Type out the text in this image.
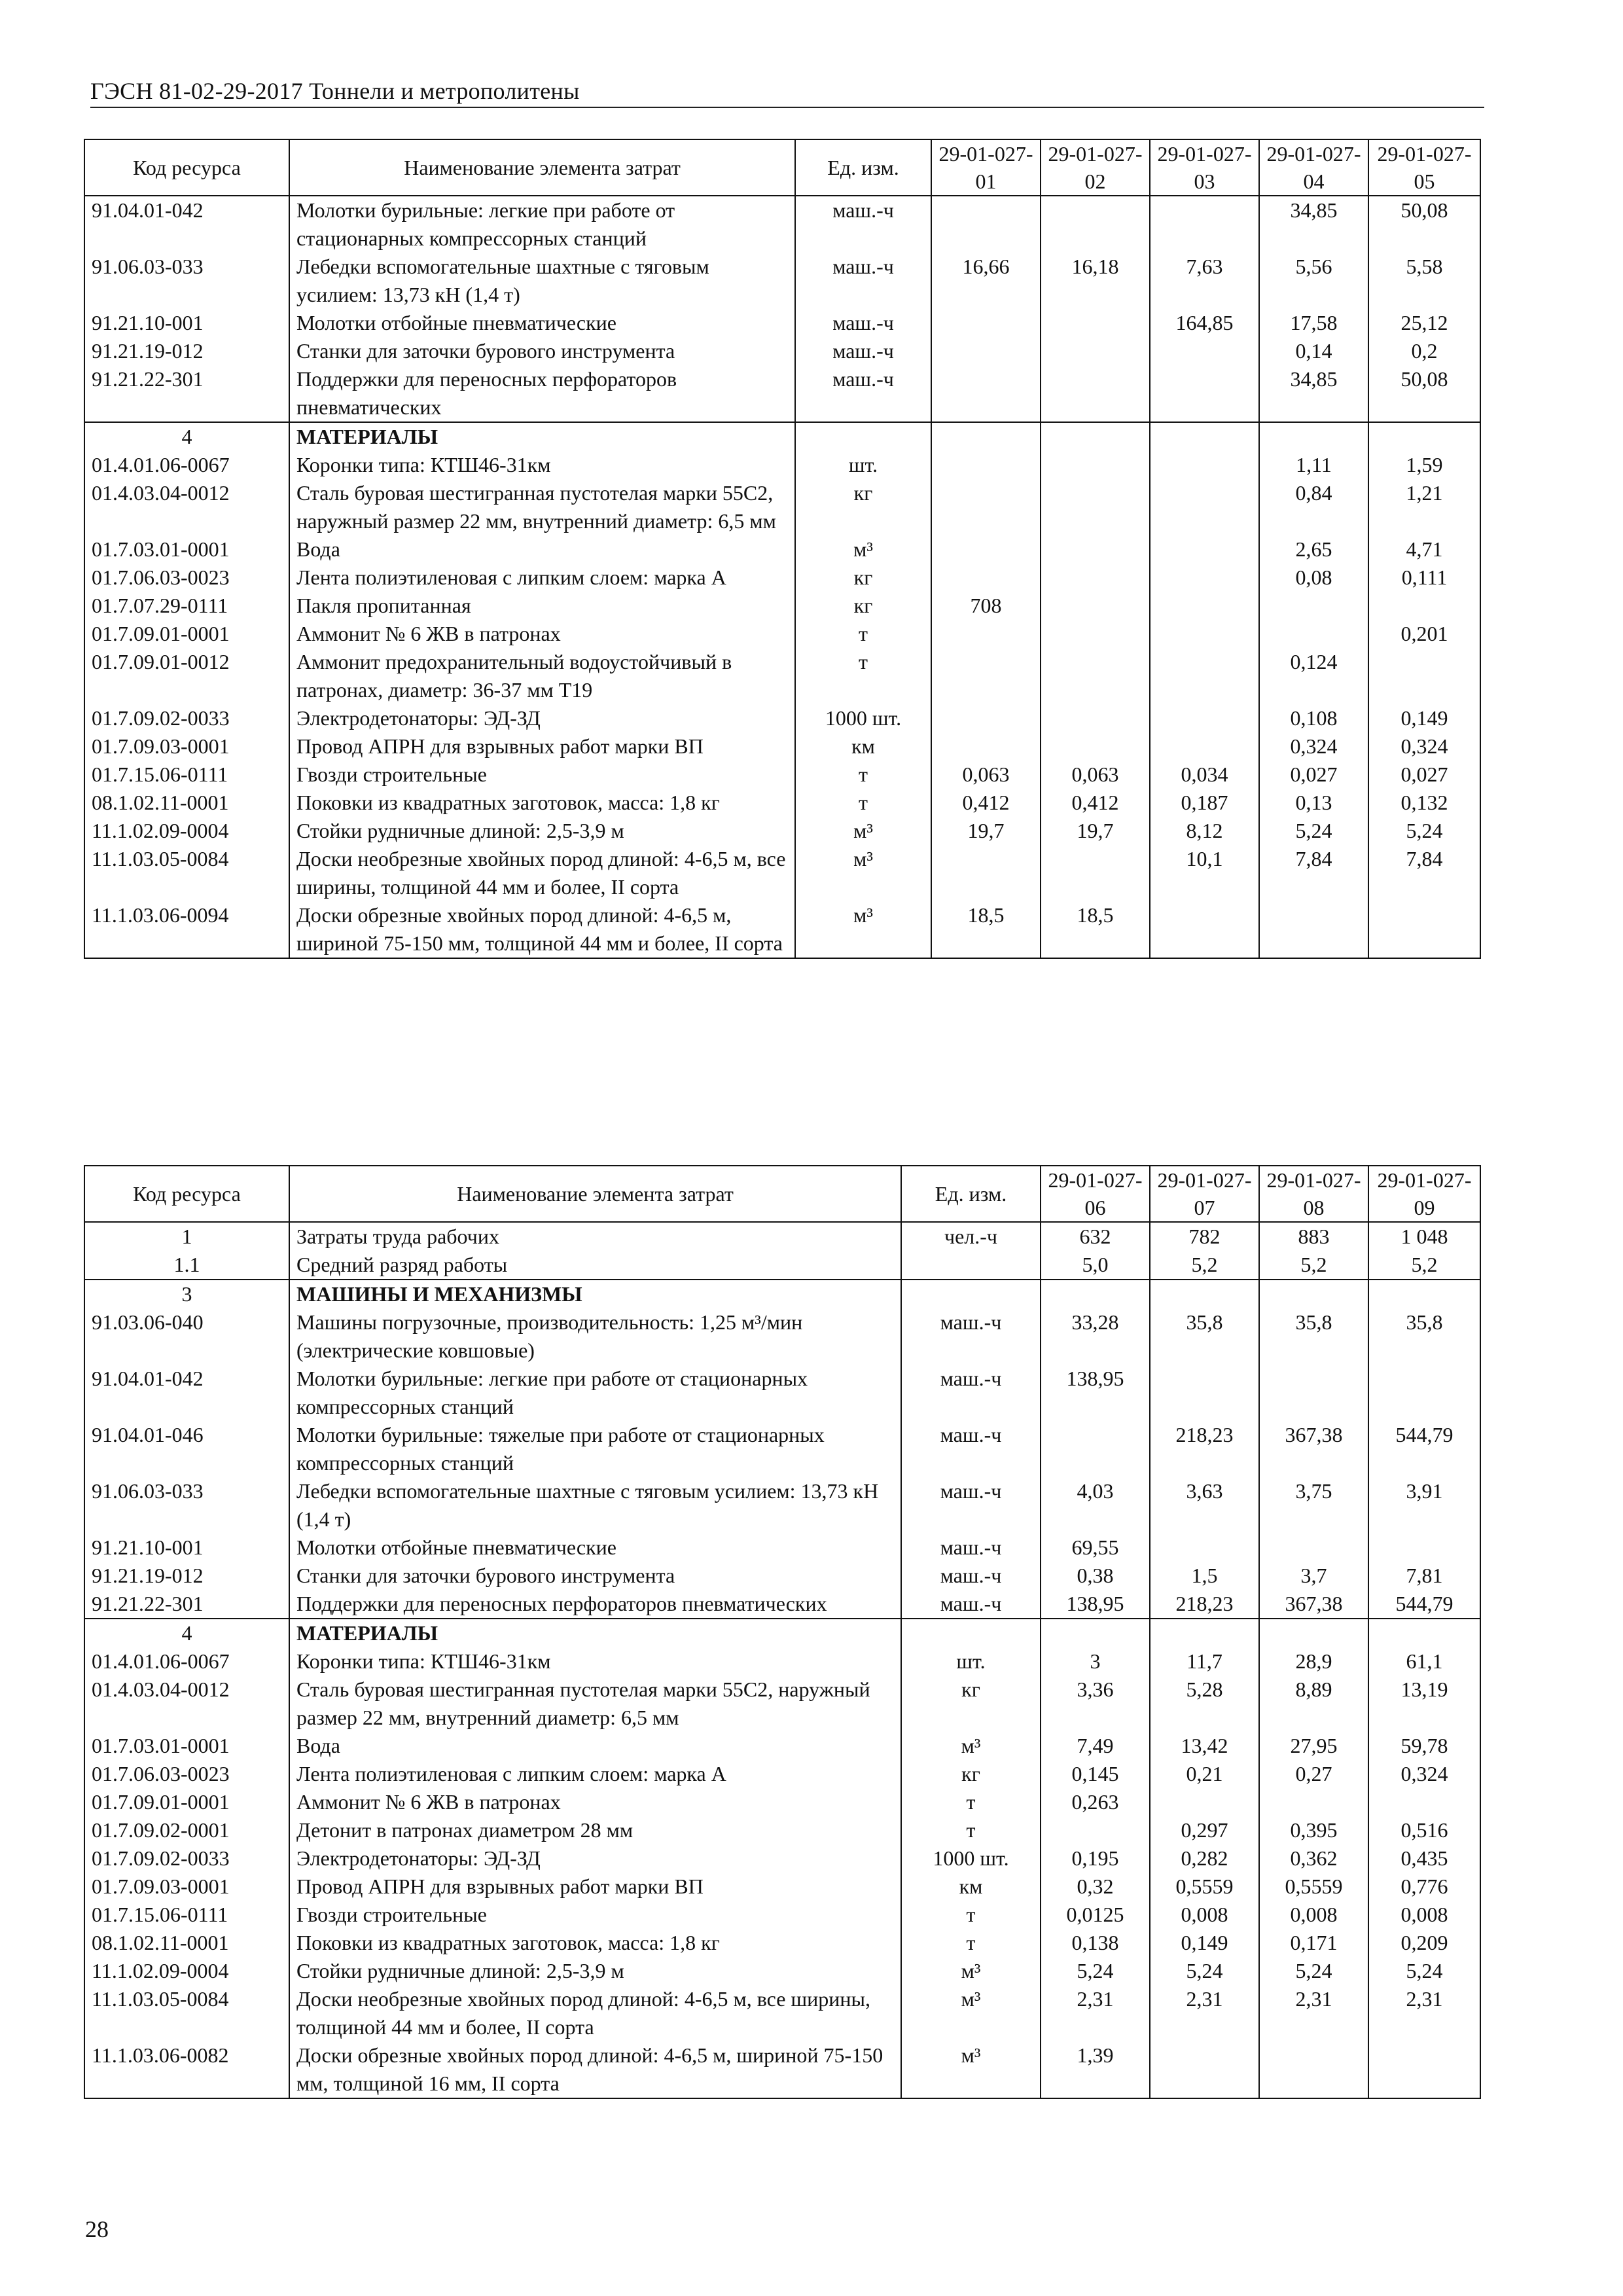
ГЭСН 81-02-29-2017 Тоннели и метрополитены
Код ресурса	Наименование элемента затрат	Ед. изм.	29-01-027-01	29-01-027-02	29-01-027-03	29-01-027-04	29-01-027-05
91.04.01-042	Молотки бурильные: легкие при работе от стационарных компрессорных станций	маш.-ч				34,85	50,08
91.06.03-033	Лебедки вспомогательные шахтные с тяговым усилием: 13,73 кН (1,4 т)	маш.-ч	16,66	16,18	7,63	5,56	5,58
91.21.10-001	Молотки отбойные пневматические	маш.-ч			164,85	17,58	25,12
91.21.19-012	Станки для заточки бурового инструмента	маш.-ч				0,14	0,2
91.21.22-301	Поддержки для переносных перфораторов пневматических	маш.-ч				34,85	50,08
4	МАТЕРИАЛЫ						
01.4.01.06-0067	Коронки типа: КТШ46-31км	шт.				1,11	1,59
01.4.03.04-0012	Сталь буровая шестигранная пустотелая марки 55С2, наружный размер 22 мм, внутренний диаметр: 6,5 мм	кг				0,84	1,21
01.7.03.01-0001	Вода	м³				2,65	4,71
01.7.06.03-0023	Лента полиэтиленовая с липким слоем: марка А	кг				0,08	0,111
01.7.07.29-0111	Пакля пропитанная	кг	708				
01.7.09.01-0001	Аммонит № 6 ЖВ в патронах	т					0,201
01.7.09.01-0012	Аммонит предохранительный водоустойчивый в патронах, диаметр: 36-37 мм Т19	т				0,124	
01.7.09.02-0033	Электродетонаторы: ЭД-ЗД	1000 шт.				0,108	0,149
01.7.09.03-0001	Провод АПРН для взрывных работ марки ВП	км				0,324	0,324
01.7.15.06-0111	Гвозди строительные	т	0,063	0,063	0,034	0,027	0,027
08.1.02.11-0001	Поковки из квадратных заготовок, масса: 1,8 кг	т	0,412	0,412	0,187	0,13	0,132
11.1.02.09-0004	Стойки рудничные длиной: 2,5-3,9 м	м³	19,7	19,7	8,12	5,24	5,24
11.1.03.05-0084	Доски необрезные хвойных пород длиной: 4-6,5 м, все ширины, толщиной 44 мм и более, II сорта	м³			10,1	7,84	7,84
11.1.03.06-0094	Доски обрезные хвойных пород длиной: 4-6,5 м, шириной 75-150 мм, толщиной 44 мм и более, II сорта	м³	18,5	18,5			
Код ресурса	Наименование элемента затрат	Ед. изм.	29-01-027-06	29-01-027-07	29-01-027-08	29-01-027-09
1	Затраты труда рабочих	чел.-ч	632	782	883	1 048
1.1	Средний разряд работы		5,0	5,2	5,2	5,2
3	МАШИНЫ И МЕХАНИЗМЫ					
91.03.06-040	Машины погрузочные, производительность: 1,25 м³/мин (электрические ковшовые)	маш.-ч	33,28	35,8	35,8	35,8
91.04.01-042	Молотки бурильные: легкие при работе от стационарных компрессорных станций	маш.-ч	138,95			
91.04.01-046	Молотки бурильные: тяжелые при работе от стационарных компрессорных станций	маш.-ч		218,23	367,38	544,79
91.06.03-033	Лебедки вспомогательные шахтные с тяговым усилием: 13,73 кН (1,4 т)	маш.-ч	4,03	3,63	3,75	3,91
91.21.10-001	Молотки отбойные пневматические	маш.-ч	69,55			
91.21.19-012	Станки для заточки бурового инструмента	маш.-ч	0,38	1,5	3,7	7,81
91.21.22-301	Поддержки для переносных перфораторов пневматических	маш.-ч	138,95	218,23	367,38	544,79
4	МАТЕРИАЛЫ					
01.4.01.06-0067	Коронки типа: КТШ46-31км	шт.	3	11,7	28,9	61,1
01.4.03.04-0012	Сталь буровая шестигранная пустотелая марки 55С2, наружный размер 22 мм, внутренний диаметр: 6,5 мм	кг	3,36	5,28	8,89	13,19
01.7.03.01-0001	Вода	м³	7,49	13,42	27,95	59,78
01.7.06.03-0023	Лента полиэтиленовая с липким слоем: марка А	кг	0,145	0,21	0,27	0,324
01.7.09.01-0001	Аммонит № 6 ЖВ в патронах	т	0,263			
01.7.09.02-0001	Детонит в патронах диаметром 28 мм	т		0,297	0,395	0,516
01.7.09.02-0033	Электродетонаторы: ЭД-ЗД	1000 шт.	0,195	0,282	0,362	0,435
01.7.09.03-0001	Провод АПРН для взрывных работ марки ВП	км	0,32	0,5559	0,5559	0,776
01.7.15.06-0111	Гвозди строительные	т	0,0125	0,008	0,008	0,008
08.1.02.11-0001	Поковки из квадратных заготовок, масса: 1,8 кг	т	0,138	0,149	0,171	0,209
11.1.02.09-0004	Стойки рудничные длиной: 2,5-3,9 м	м³	5,24	5,24	5,24	5,24
11.1.03.05-0084	Доски необрезные хвойных пород длиной: 4-6,5 м, все ширины, толщиной 44 мм и более, II сорта	м³	2,31	2,31	2,31	2,31
11.1.03.06-0082	Доски обрезные хвойных пород длиной: 4-6,5 м, шириной 75-150 мм, толщиной 16 мм, II сорта	м³	1,39			
28
